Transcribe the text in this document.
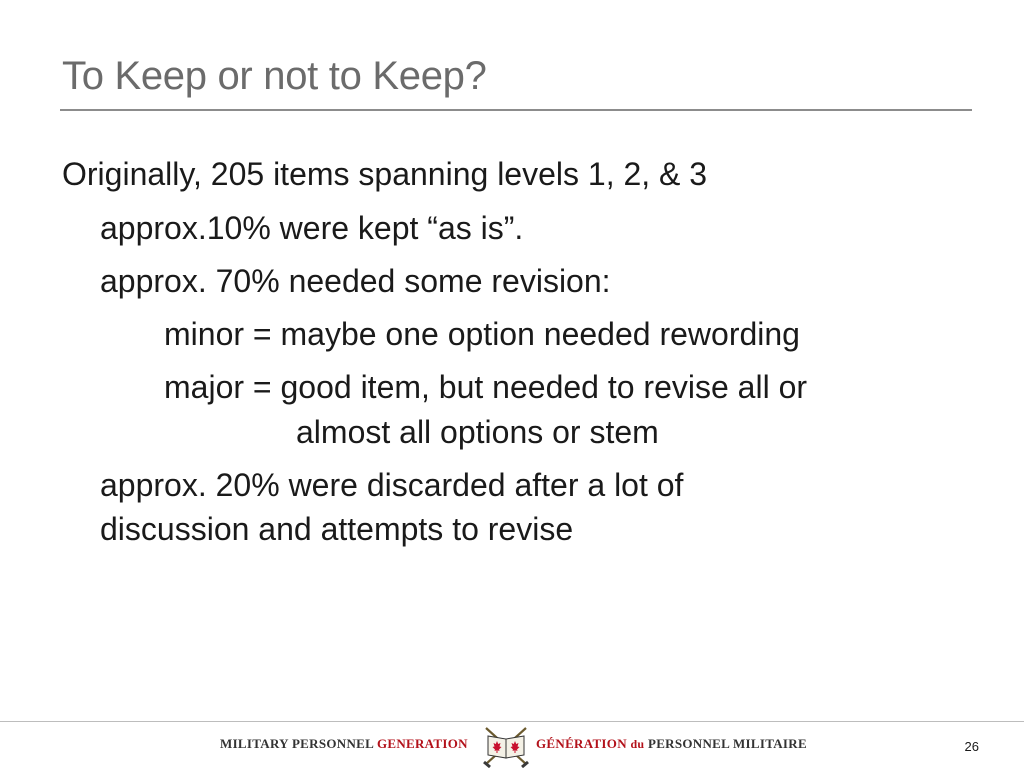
To Keep or not to Keep?
Originally, 205 items spanning levels 1, 2, & 3
approx.10% were kept “as is”.
approx. 70% needed some revision:
minor = maybe one option needed rewording
major = good item, but needed to revise all or
almost all options or stem
approx. 20% were discarded after a lot of
discussion and attempts to revise
MILITARY PERSONNEL GENERATION	GÉNÉRATION du PERSONNEL MILITAIRE	26
